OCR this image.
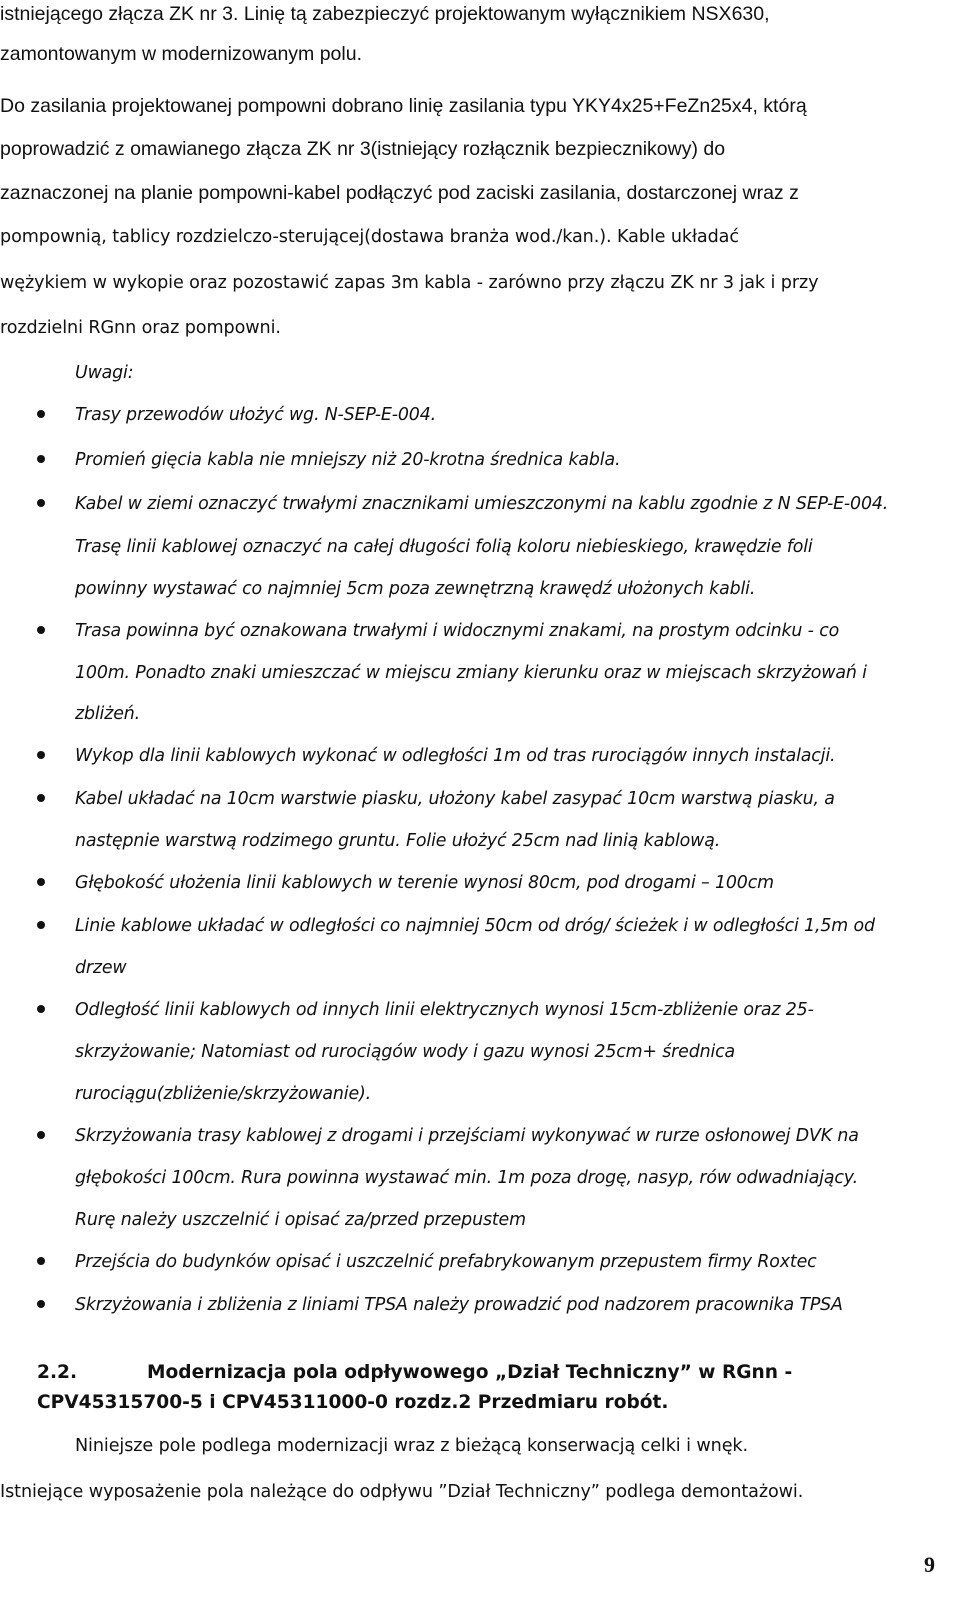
istniejącego złącza ZK nr 3. Linię tą zabezpieczyć projektowanym wyłącznikiem NSX630,
zamontowanym w modernizowanym polu.
Do zasilania projektowanej pompowni dobrano linię zasilania typu YKY4x25+FeZn25x4, którą
poprowadzić z omawianego złącza ZK nr 3(istniejący rozłącznik bezpiecznikowy) do
zaznaczonej na planie pompowni-kabel podłączyć pod zaciski zasilania, dostarczonej wraz z
pompownią, tablicy rozdzielczo-sterującej(dostawa branża wod./kan.). Kable układać
wężykiem w wykopie oraz pozostawić zapas 3m kabla - zarówno przy złączu ZK nr 3 jak i przy
rozdzielni RGnn oraz pompowni.
Uwagi:
Trasy przewodów ułożyć wg. N-SEP-E-004.
Promień gięcia kabla nie mniejszy niż 20-krotna średnica kabla.
Kabel w ziemi oznaczyć trwałymi znacznikami umieszczonymi na kablu zgodnie z N SEP-E-004.
Trasę linii kablowej oznaczyć na całej długości folią koloru niebieskiego, krawędzie foli
powinny wystawać co najmniej 5cm poza zewnętrzną krawędź ułożonych kabli.
Trasa powinna być oznakowana trwałymi i widocznymi znakami, na prostym odcinku - co
100m. Ponadto znaki umieszczać w miejscu zmiany kierunku oraz w miejscach skrzyżowań i
zbliżeń.
Wykop dla linii kablowych wykonać w odległości 1m od tras rurociągów innych instalacji.
Kabel układać na 10cm warstwie piasku, ułożony kabel zasypać 10cm warstwą piasku, a
następnie warstwą rodzimego gruntu. Folie ułożyć 25cm nad linią kablową.
Głębokość ułożenia linii kablowych w terenie wynosi 80cm, pod drogami – 100cm
Linie kablowe układać w odległości co najmniej 50cm od dróg/ ścieżek i w odległości 1,5m od
drzew
Odległość linii kablowych od innych linii elektrycznych wynosi 15cm-zbliżenie oraz 25-
skrzyżowanie; Natomiast od rurociągów wody i gazu wynosi 25cm+ średnica
rurociągu(zbliżenie/skrzyżowanie).
Skrzyżowania trasy kablowej z drogami i przejściami wykonywać w rurze osłonowej DVK na
głębokości 100cm. Rura powinna wystawać min. 1m poza drogę, nasyp, rów odwadniający.
Rurę należy uszczelnić i opisać za/przed przepustem
Przejścia do budynków opisać i uszczelnić prefabrykowanym przepustem firmy Roxtec
Skrzyżowania i zbliżenia z liniami TPSA należy prowadzić pod nadzorem pracownika TPSA
2.2.	Modernizacja pola odpływowego „Dział Techniczny” w RGnn -
CPV45315700-5 i CPV45311000-0 rozdz.2 Przedmiaru robót.
Niniejsze pole podlega modernizacji wraz z bieżącą konserwacją celki i wnęk.
Istniejące wyposażenie pola należące do odpływu ”Dział Techniczny” podlega demontażowi.
9
